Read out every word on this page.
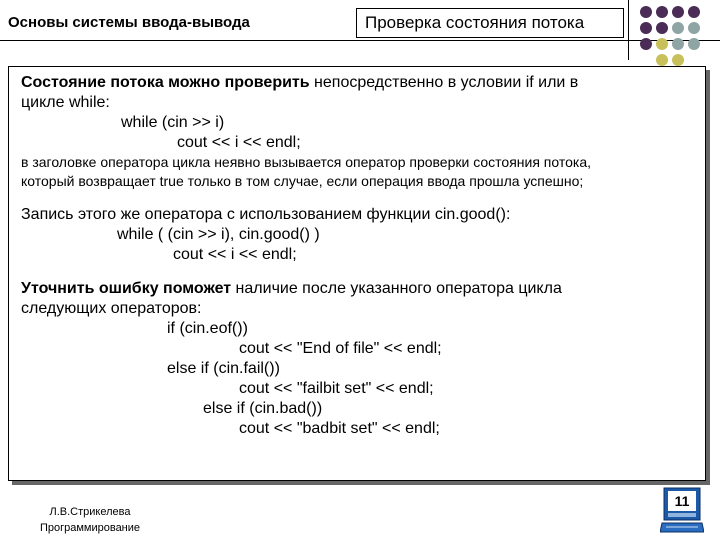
Основы системы ввода-вывода	Проверка состояния потока

Состояние потока можно проверить непосредственно в условии if или в

цикле while:

while (cin >> i)

cout << i << endl;

в заголовке оператора цикла неявно вызывается оператор проверки состояния потока,

который возвращает true только в том случае, если операция ввода прошла успешно;

Запись этого же оператора с использованием функции cin.good():

while ( (cin >> i), cin.good() )

cout << i << endl;

Уточнить ошибку поможет наличие после указанного оператора цикла

следующих операторов:

if (cin.eof())

cout << "End of file" << endl;

else if (cin.fail())

cout << "failbit set" << endl;

else if (cin.bad())

cout << "badbit set" << endl;

Л.В.Стрикелева
Программирование
11
